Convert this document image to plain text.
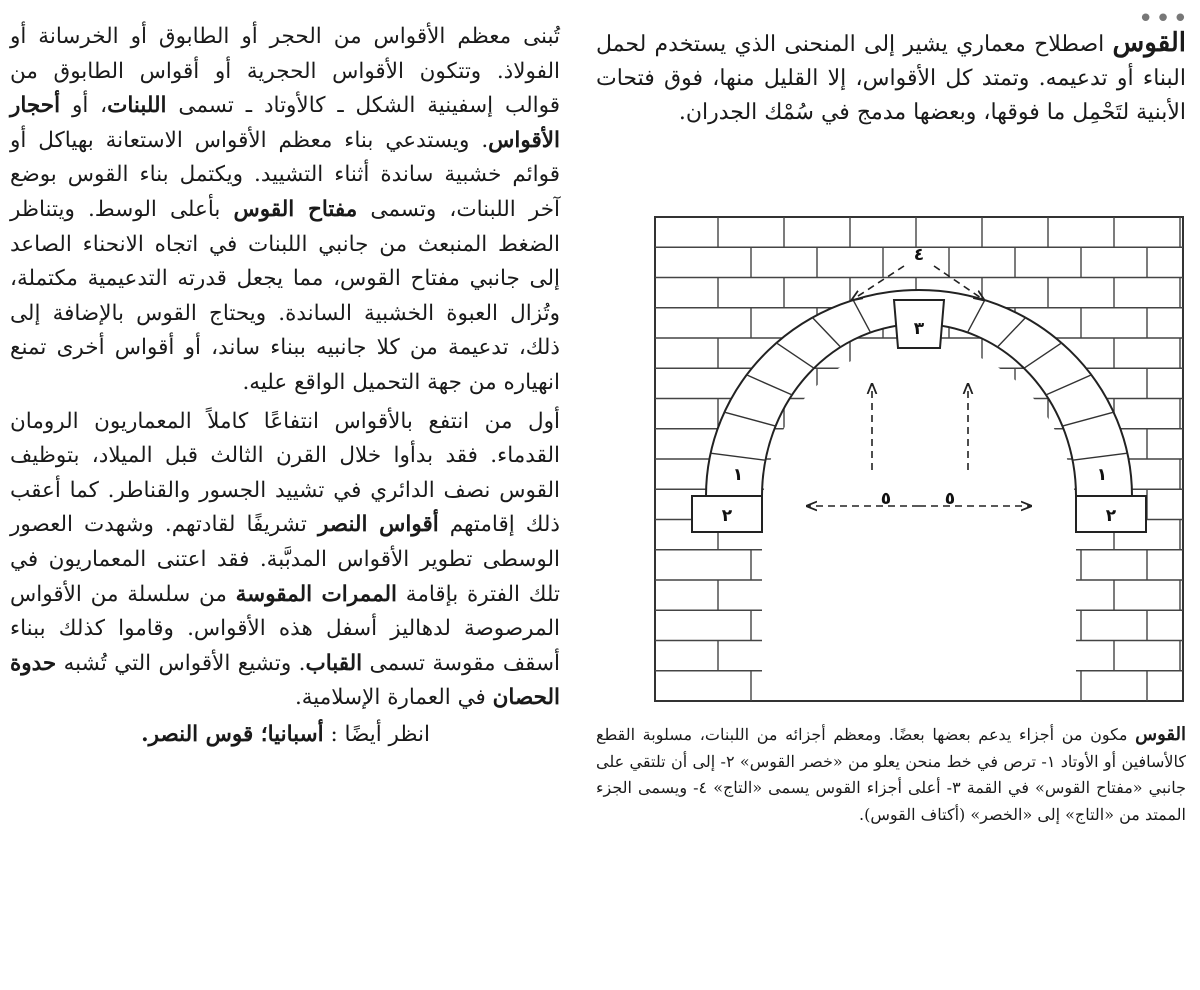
•••

القوس اصطلاح معماري يشير إلى المنحنى الذي يستخدم لحمل البناء أو تدعيمه. وتمتد كل الأقواس، إلا القليل منها، فوق فتحات الأبنية لتَحْمِل ما فوقها، وبعضها مدمج في سُمْك الجدران.

تُبنى معظم الأقواس من الحجر أو الطابوق أو الخرسانة أو الفولاذ. وتتكون الأقواس الحجرية أو أقواس الطابوق من قوالب إسفينية الشكل ـ كالأوتاد ـ تسمى اللبنات، أو أحجار الأقواس. ويستدعي بناء معظم الأقواس الاستعانة بهياكل أو قوائم خشبية ساندة أثناء التشييد. ويكتمل بناء القوس بوضع آخر اللبنات، وتسمى مفتاح القوس بأعلى الوسط. ويتناظر الضغط المنبعث من جانبي اللبنات في اتجاه الانحناء الصاعد إلى جانبي مفتاح القوس، مما يجعل قدرته التدعيمية مكتملة، وتُزال العبوة الخشبية الساندة. ويحتاج القوس بالإضافة إلى ذلك، تدعيمة من كلا جانبيه ببناء ساند، أو أقواس أخرى تمنع انهياره من جهة التحميل الواقع عليه.

أول من انتفع بالأقواس انتفاعًا كاملاً المعماريون الرومان القدماء. فقد بدأوا خلال القرن الثالث قبل الميلاد، بتوظيف القوس نصف الدائري في تشييد الجسور والقناطر. كما أعقب ذلك إقامتهم أقواس النصر تشريفًا لقادتهم. وشهدت العصور الوسطى تطوير الأقواس المدبَّبة. فقد اعتنى المعماريون في تلك الفترة بإقامة الممرات المقوسة من سلسلة من الأقواس المرصوصة لدهاليز أسفل هذه الأقواس. وقاموا كذلك ببناء أسقف مقوسة تسمى القباب. وتشيع الأقواس التي تُشبه حدوة الحصان في العمارة الإسلامية.

انظر أيضًا : أسبانيا؛ قوس النصر.

٤
٣
١	١
٢	٢
٥	٥

القوس مكون من أجزاء يدعم بعضها بعضًا. ومعظم أجزائه من اللبنات، مسلوبة القطع كالأسافين أو الأوتاد ١- ترص في خط منحن يعلو من «خصر القوس» ٢- إلى أن تلتقي على جانبي «مفتاح القوس» في القمة ٣- أعلى أجزاء القوس يسمى «التاج» ٤- ويسمى الجزء الممتد من «التاج» إلى «الخصر» (أكتاف القوس).
